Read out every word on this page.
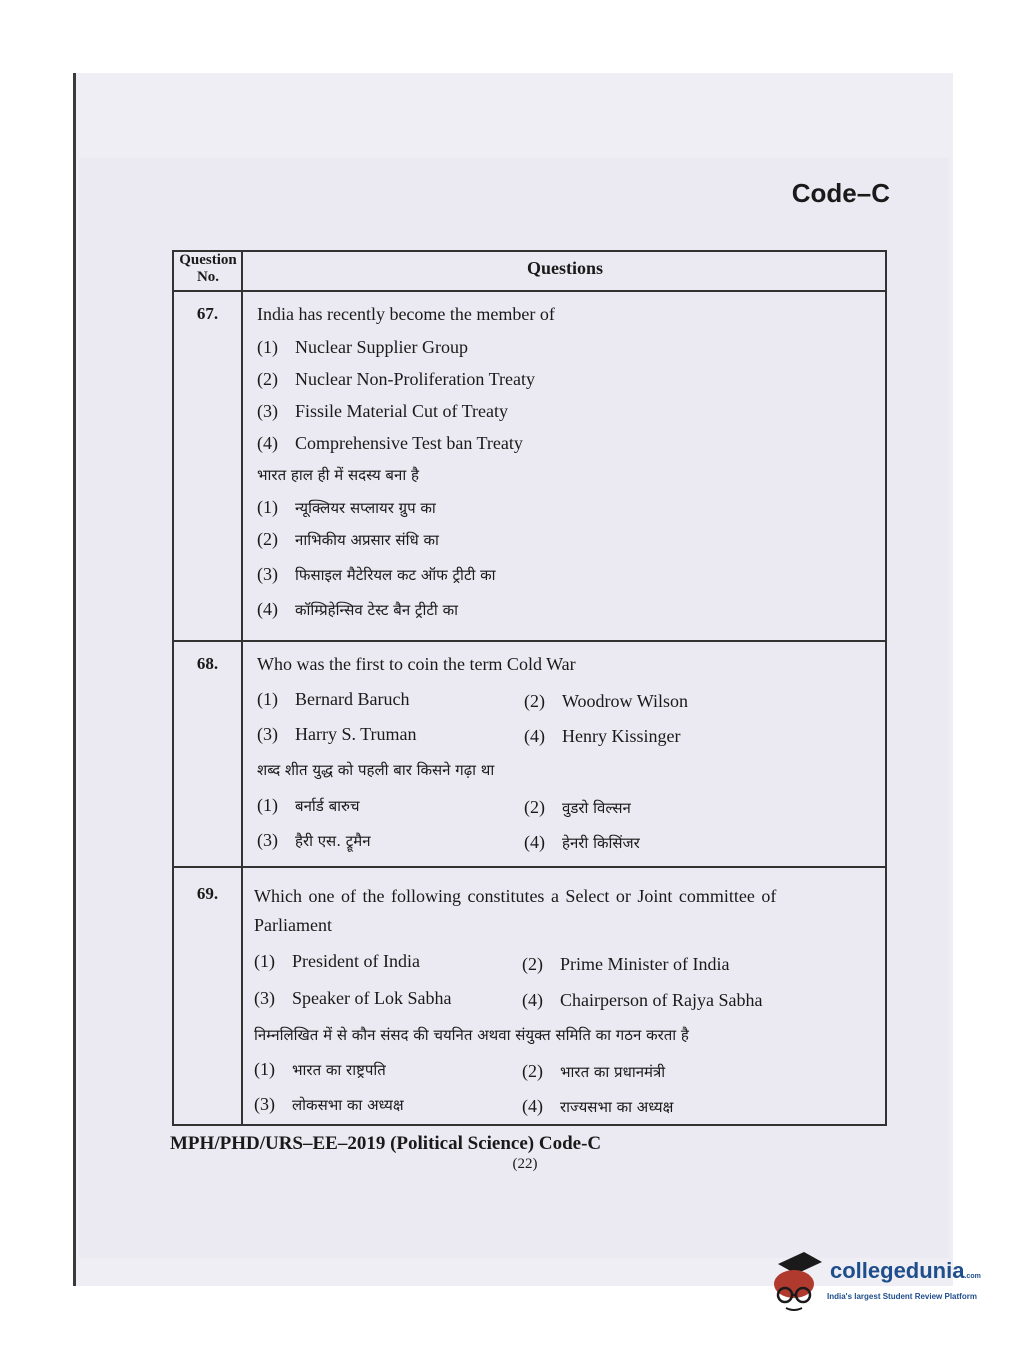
Code–C
Question No.	Questions
67.	India has recently become the member of
(1) Nuclear Supplier Group
(2) Nuclear Non-Proliferation Treaty
(3) Fissile Material Cut of Treaty
(4) Comprehensive Test ban Treaty
भारत हाल ही में सदस्य बना है
(1) न्यूक्लियर सप्लायर ग्रुप का
(2) नाभिकीय अप्रसार संधि का
(3) फिसाइल मैटेरियल कट ऑफ ट्रीटी का
(4) कॉम्प्रिहेन्सिव टेस्ट बैन ट्रीटी का
68.	Who was the first to coin the term Cold War
(1) Bernard Baruch	(2) Woodrow Wilson
(3) Harry S. Truman	(4) Henry Kissinger
शब्द शीत युद्ध को पहली बार किसने गढ़ा था
(1) बर्नार्ड बारुच	(2) वुडरो विल्सन
(3) हैरी एस. ट्रूमैन	(4) हेनरी किसिंजर
69.	Which one of the following constitutes a Select or Joint committee of
Parliament
(1) President of India	(2) Prime Minister of India
(3) Speaker of Lok Sabha	(4) Chairperson of Rajya Sabha
निम्नलिखित में से कौन संसद की चयनित अथवा संयुक्त समिति का गठन करता है
(1) भारत का राष्ट्रपति	(2) भारत का प्रधानमंत्री
(3) लोकसभा का अध्यक्ष	(4) राज्यसभा का अध्यक्ष
MPH/PHD/URS–EE–2019 (Political Science) Code-C
(22)
collegedunia.com
India's largest Student Review Platform
